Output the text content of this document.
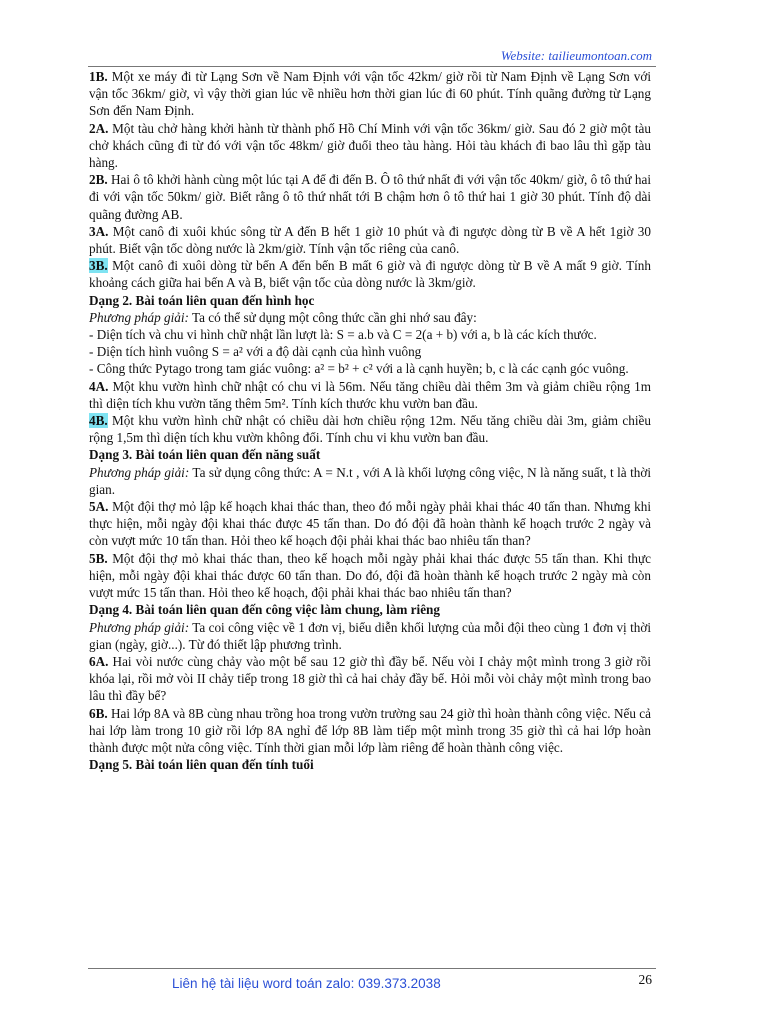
Website: tailieumontoan.com

1B. Một xe máy đi từ Lạng Sơn về Nam Định với vận tốc 42km/ giờ rồi từ Nam Định về Lạng Sơn với vận tốc 36km/ giờ, vì vậy thời gian lúc về nhiều hơn thời gian lúc đi 60 phút. Tính quãng đường từ Lạng Sơn đến Nam Định.

2A. Một tàu chở hàng khởi hành từ thành phố Hồ Chí Minh với vận tốc 36km/ giờ. Sau đó 2 giờ một tàu chở khách cũng đi từ đó với vận tốc 48km/ giờ đuổi theo tàu hàng. Hỏi tàu khách đi bao lâu thì gặp tàu hàng.

2B. Hai ô tô khởi hành cùng một lúc tại A để đi đến B. Ô tô thứ nhất đi với vận tốc 40km/ giờ, ô tô thứ hai đi với vận tốc 50km/ giờ. Biết rằng ô tô thứ nhất tới B chậm hơn ô tô thứ hai 1 giờ 30 phút. Tính độ dài quãng đường AB.

3A. Một canô đi xuôi khúc sông từ A đến B hết 1 giờ 10 phút và đi ngược dòng từ B về A hết 1giờ 30 phút. Biết vận tốc dòng nước là 2km/giờ. Tính vận tốc riêng của canô.

3B. Một canô đi xuôi dòng từ bến A đến bến B mất 6 giờ và đi ngược dòng từ B về A mất 9 giờ. Tính khoảng cách giữa hai bến A và B, biết vận tốc của dòng nước là 3km/giờ.

Dạng 2. Bài toán liên quan đến hình học

Phương pháp giải: Ta có thể sử dụng một công thức cần ghi nhớ sau đây:

- Diện tích và chu vi hình chữ nhật lần lượt là: S = a.b và C = 2(a + b) với a, b là các kích thước.

- Diện tích hình vuông S = a² với a độ dài cạnh của hình vuông

- Công thức Pytago trong tam giác vuông: a² = b² + c² với a là cạnh huyền; b, c là các cạnh góc vuông.

4A. Một khu vườn hình chữ nhật có chu vi là 56m. Nếu tăng chiều dài thêm 3m và giảm chiều rộng 1m thì diện tích khu vườn tăng thêm 5m². Tính kích thước khu vườn ban đầu.

4B. Một khu vườn hình chữ nhật có chiều dài hơn chiều rộng 12m. Nếu tăng chiều dài 3m, giảm chiều rộng 1,5m thì diện tích khu vườn không đổi. Tính chu vi khu vườn ban đầu.

Dạng 3. Bài toán liên quan đến năng suất

Phương pháp giải: Ta sử dụng công thức: A = N.t , với A là khối lượng công việc, N là năng suất, t là thời gian.

5A. Một đội thợ mỏ lập kế hoạch khai thác than, theo đó mỗi ngày phải khai thác 40 tấn than. Nhưng khi thực hiện, mỗi ngày đội khai thác được 45 tấn than. Do đó đội đã hoàn thành kế hoạch trước 2 ngày và còn vượt mức 10 tấn than. Hỏi theo kế hoạch đội phải khai thác bao nhiêu tấn than?

5B. Một đội thợ mỏ khai thác than, theo kế hoạch mỗi ngày phải khai thác được 55 tấn than. Khi thực hiện, mỗi ngày đội khai thác được 60 tấn than. Do đó, đội đã hoàn thành kế hoạch trước 2 ngày mà còn vượt mức 15 tấn than. Hỏi theo kế hoạch, đội phải khai thác bao nhiêu tấn than?

Dạng 4. Bài toán liên quan đến công việc làm chung, làm riêng

Phương pháp giải: Ta coi công việc về 1 đơn vị, biểu diễn khối lượng của mỗi đội theo cùng 1 đơn vị thời gian (ngày, giờ...). Từ đó thiết lập phương trình.

6A. Hai vòi nước cùng chảy vào một bể sau 12 giờ thì đầy bể. Nếu vòi I chảy một mình trong 3 giờ rồi khóa lại, rồi mở vòi II chảy tiếp trong 18 giờ thì cả hai chảy đầy bể. Hỏi mỗi vòi chảy một mình trong bao lâu thì đầy bể?

6B. Hai lớp 8A và 8B cùng nhau trồng hoa trong vườn trường sau 24 giờ thì hoàn thành công việc. Nếu cả hai lớp làm trong 10 giờ rồi lớp 8A nghỉ để lớp 8B làm tiếp một mình trong 35 giờ thì cả hai lớp hoàn thành được một nửa công việc. Tính thời gian mỗi lớp làm riêng để hoàn thành công việc.

Dạng 5. Bài toán liên quan đến tính tuổi

Liên hệ tài liệu word toán zalo: 039.373.2038	26
